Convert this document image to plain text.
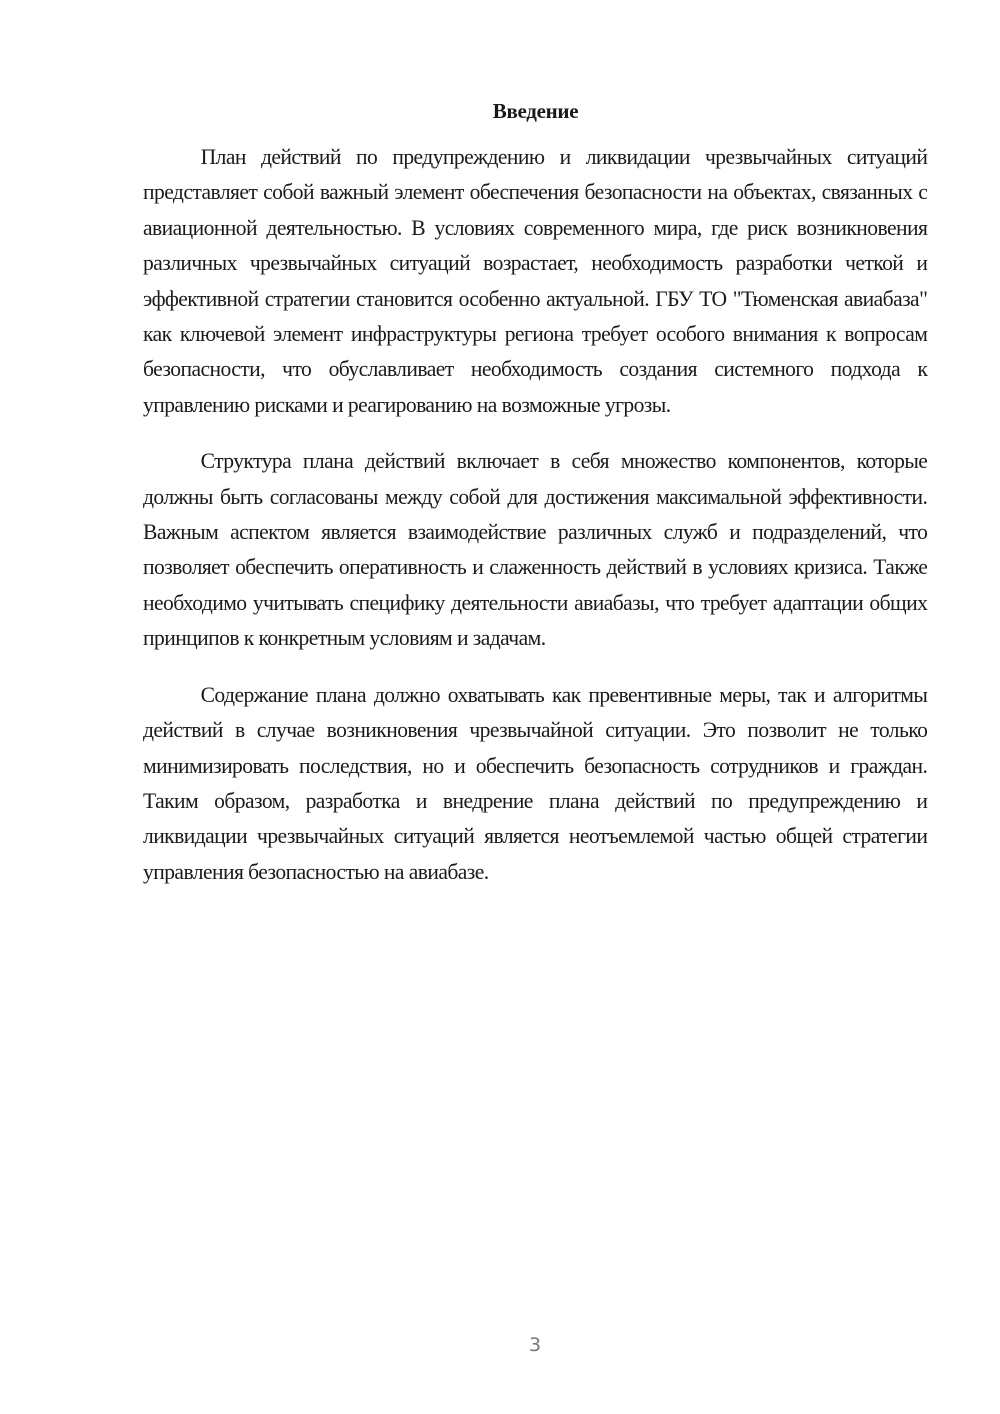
Введение

План действий по предупреждению и ликвидации чрезвычайных ситуаций представляет собой важный элемент обеспечения безопасности на объектах, связанных с авиационной деятельностью. В условиях современного мира, где риск возникновения различных чрезвычайных ситуаций возрастает, необходимость разработки четкой и эффективной стратегии становится особенно актуальной. ГБУ ТО "Тюменская авиабаза" как ключевой элемент инфраструктуры региона требует особого внимания к вопросам безопасности, что обуславливает необходимость создания системного подхода к управлению рисками и реагированию на возможные угрозы.

Структура плана действий включает в себя множество компонентов, которые должны быть согласованы между собой для достижения максимальной эффективности. Важным аспектом является взаимодействие различных служб и подразделений, что позволяет обеспечить оперативность и слаженность действий в условиях кризиса. Также необходимо учитывать специфику деятельности авиабазы, что требует адаптации общих принципов к конкретным условиям и задачам.

Содержание плана должно охватывать как превентивные меры, так и алгоритмы действий в случае возникновения чрезвычайной ситуации. Это позволит не только минимизировать последствия, но и обеспечить безопасность сотрудников и граждан. Таким образом, разработка и внедрение плана действий по предупреждению и ликвидации чрезвычайных ситуаций является неотъемлемой частью общей стратегии управления безопасностью на авиабазе.

3
